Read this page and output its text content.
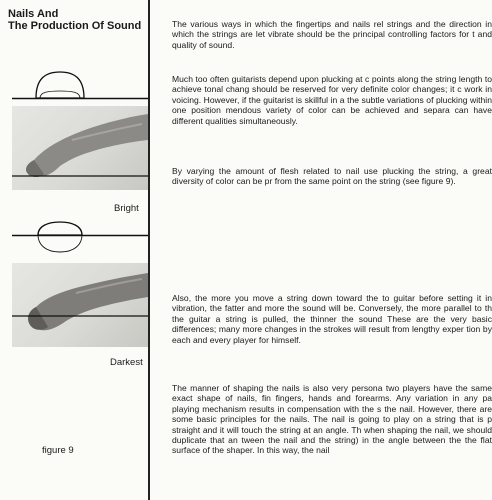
Nails And
The Production Of Sound
Bright
Darkest
figure 9
The various ways in which the fingertips and nails rel strings and the direction in which the strings are let vibrate should be the principal controlling factors for t and quality of sound.
Much too often guitarists depend upon plucking at c points along the string length to achieve tonal chang should be reserved for very definite color changes; it c work in voicing. However, if the guitarist is skillful in a the subtle variations of plucking within one position mendous variety of color can be achieved and separa can have different qualities simultaneously.
By varying the amount of flesh related to nail use plucking the string, a great diversity of color can be pr from the same point on the string (see figure 9).
Also, the more you move a string down toward the to guitar before setting it in vibration, the fatter and more the sound will be. Conversely, the more parallel to th the guitar a string is pulled, the thinner the sound These are the very basic differences; many more changes in the strokes will result from lengthy exper tion by each and every player for himself.
The manner of shaping the nails is also very persona two players have the same exact shape of nails, fin fingers, hands and forearms. Any variation in any pa playing mechanism results in compensation with the s the nail. However, there are some basic principles for the nails. The nail is going to play on a string that is p straight and it will touch the string at an angle. Th when shaping the nail, we should duplicate that an tween the nail and the string) in the angle between the the flat surface of the shaper. In this way, the nail
